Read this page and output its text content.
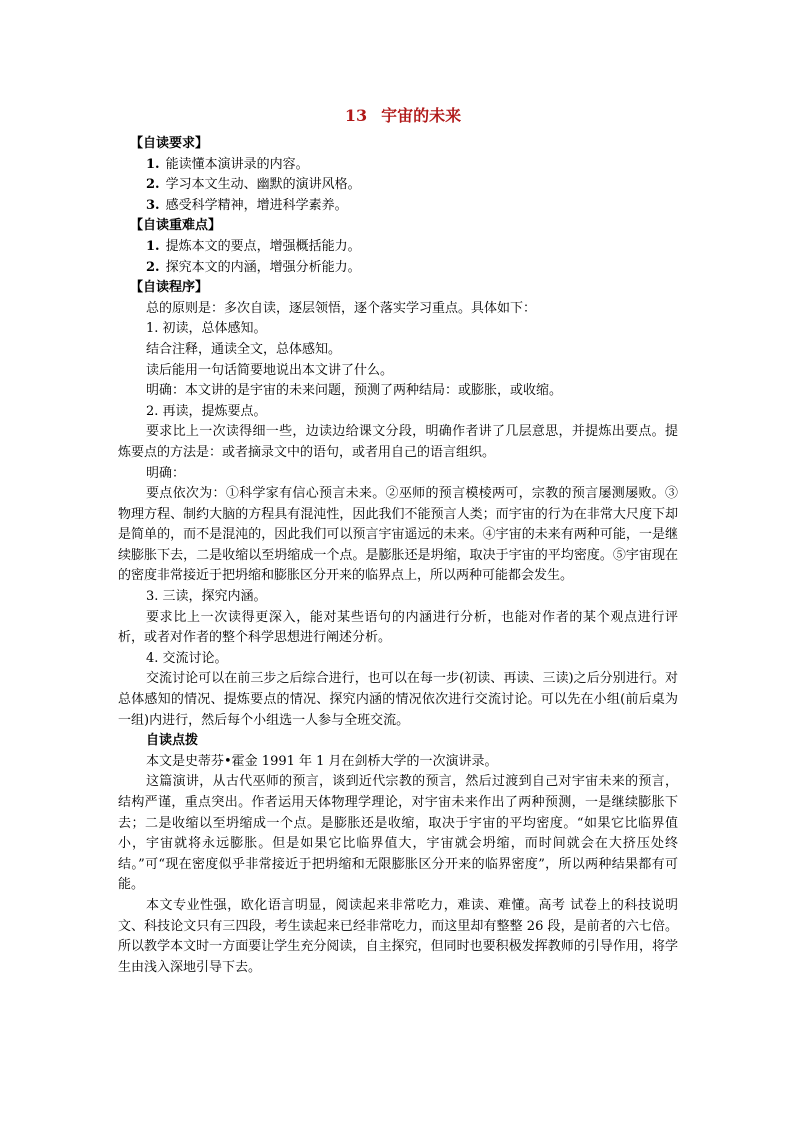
13 宇宙的未来

【自读要求】

1. 能读懂本演讲录的内容。

2. 学习本文生动、幽默的演讲风格。

3. 感受科学精神，增进科学素养。

【自读重难点】

1. 提炼本文的要点，增强概括能力。

2. 探究本文的内涵，增强分析能力。

【自读程序】

总的原则是：多次自读，逐层领悟，逐个落实学习重点。具体如下：

1. 初读，总体感知。

结合注释，通读全文，总体感知。

读后能用一句话简要地说出本文讲了什么。

明确：本文讲的是宇宙的未来问题，预测了两种结局：或膨胀，或收缩。

2. 再读，提炼要点。

要求比上一次读得细一些，边读边给课文分段，明确作者讲了几层意思，并提炼出要点。提炼要点的方法是：或者摘录文中的语句，或者用自己的语言组织。

明确：

要点依次为：①科学家有信心预言未来。②巫师的预言模棱两可，宗教的预言屡测屡败。③物理方程、制约大脑的方程具有混沌性，因此我们不能预言人类；而宇宙的行为在非常大尺度下却是简单的，而不是混沌的，因此我们可以预言宇宙遥远的未来。④宇宙的未来有两种可能，一是继续膨胀下去，二是收缩以至坍缩成一个点。是膨胀还是坍缩，取决于宇宙的平均密度。⑤宇宙现在的密度非常接近于把坍缩和膨胀区分开来的临界点上，所以两种可能都会发生。

3. 三读，探究内涵。

要求比上一次读得更深入，能对某些语句的内涵进行分析，也能对作者的某个观点进行评析，或者对作者的整个科学思想进行阐述分析。

4. 交流讨论。

交流讨论可以在前三步之后综合进行，也可以在每一步(初读、再读、三读)之后分别进行。对总体感知的情况、提炼要点的情况、探究内涵的情况依次进行交流讨论。可以先在小组(前后桌为一组)内进行，然后每个小组选一人参与全班交流。

自读点拨

本文是史蒂芬•霍金 1991 年 1 月在剑桥大学的一次演讲录。

这篇演讲，从古代巫师的预言，谈到近代宗教的预言，然后过渡到自己对宇宙未来的预言，结构严谨，重点突出。作者运用天体物理学理论，对宇宙未来作出了两种预测，一是继续膨胀下去；二是收缩以至坍缩成一个点。是膨胀还是收缩，取决于宇宙的平均密度。“如果它比临界值小，宇宙就将永远膨胀。但是如果它比临界值大，宇宙就会坍缩，而时间就会在大挤压处终结。”可“现在密度似乎非常接近于把坍缩和无限膨胀区分开来的临界密度”，所以两种结果都有可能。

本文专业性强，欧化语言明显，阅读起来非常吃力，难读、难懂。高考 试卷上的科技说明文、科技论文只有三四段，考生读起来已经非常吃力，而这里却有整整 26 段，是前者的六七倍。所以教学本文时一方面要让学生充分阅读，自主探究，但同时也要积极发挥教师的引导作用，将学生由浅入深地引导下去。
